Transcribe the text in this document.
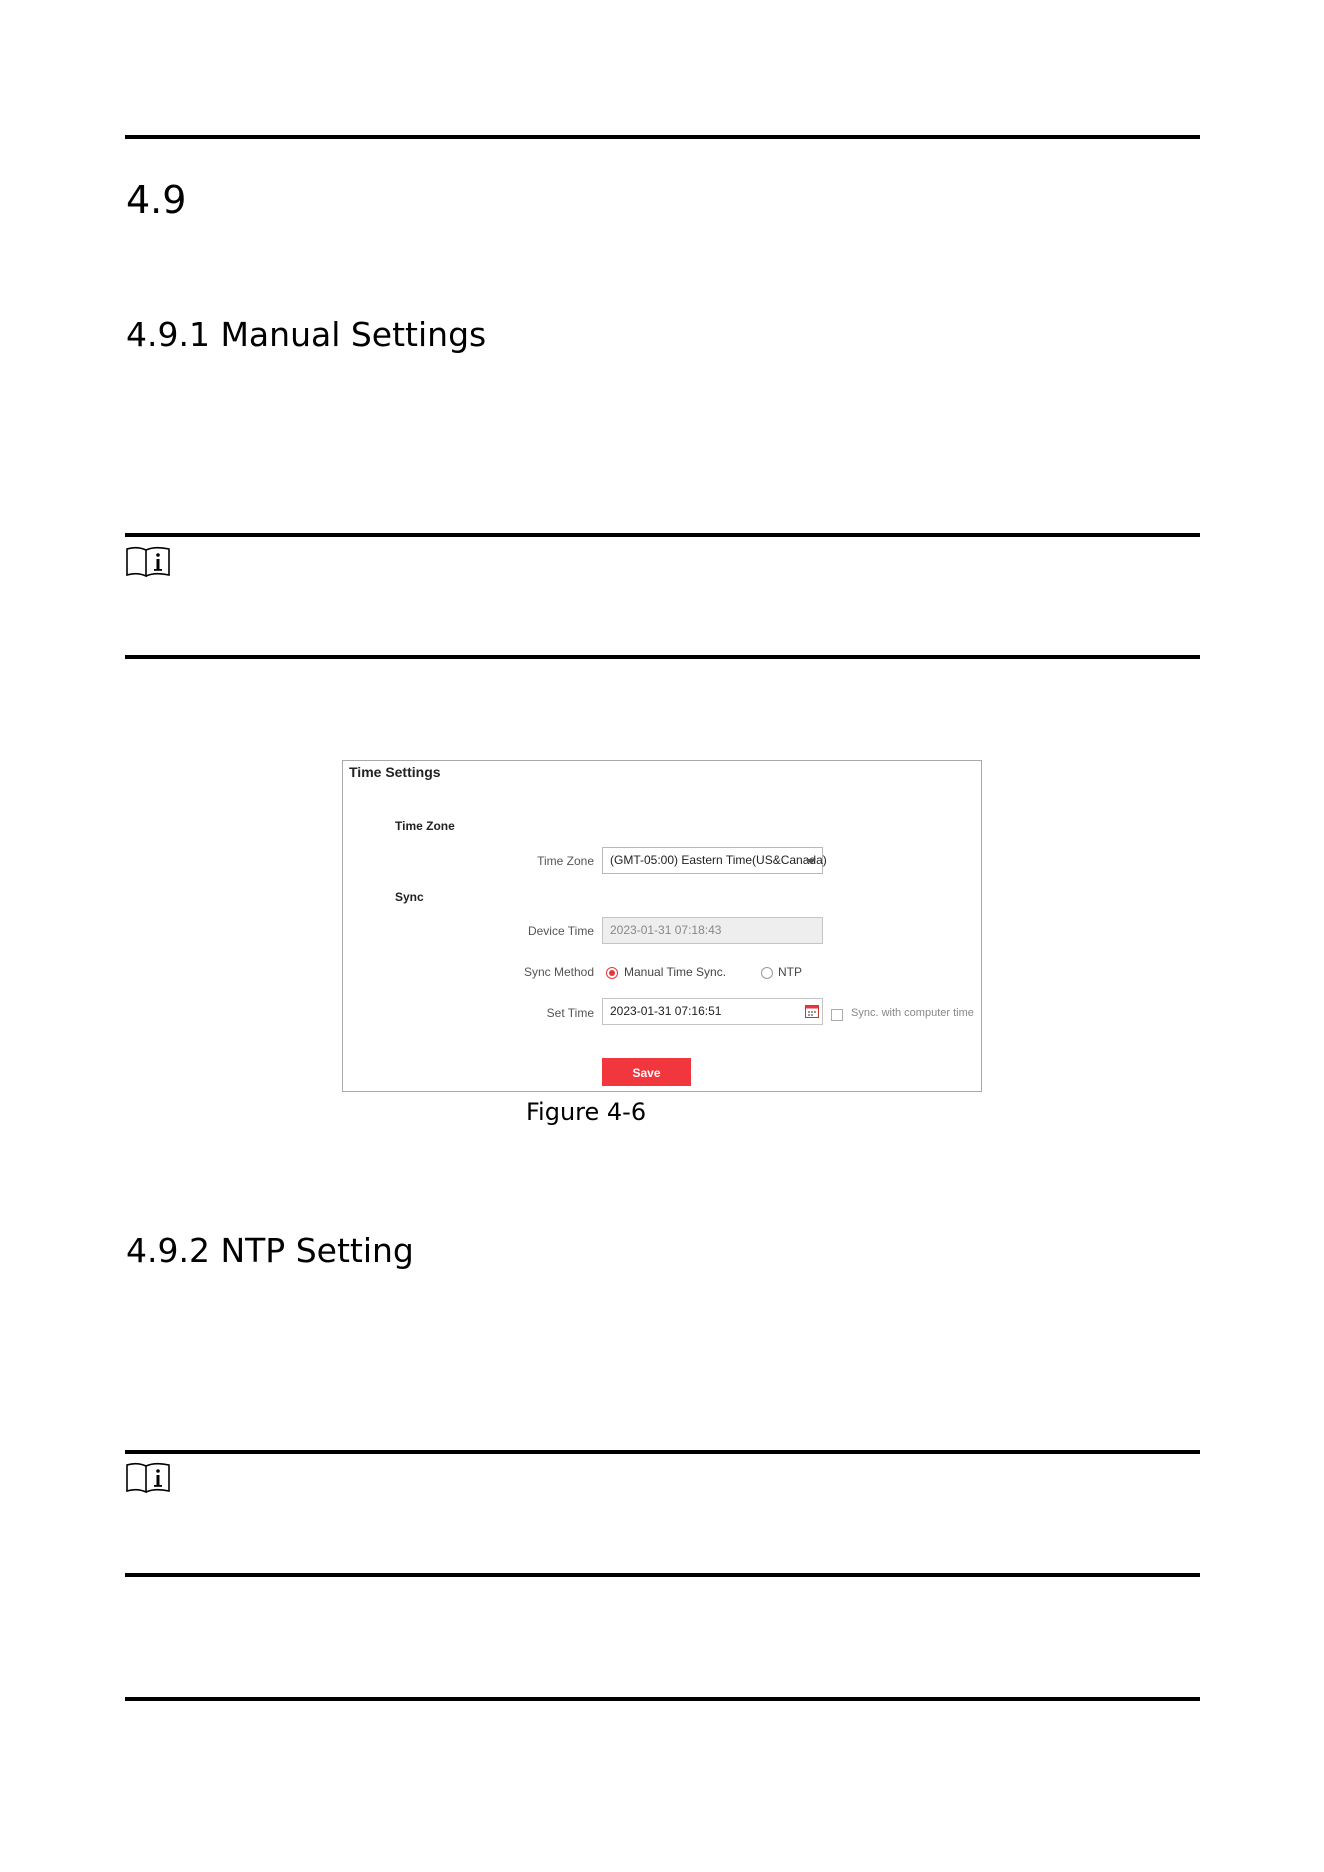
4.9
4.9.1 Manual Settings
Time Settings
Time Zone
Time Zone	(GMT-05:00) Eastern Time(US&Canada)
Sync
Device Time	2023-01-31 07:18:43
Sync Method	Manual Time Sync.	NTP
Set Time	2023-01-31 07:16:51	Sync. with computer time
Save
Figure 4-6
4.9.2 NTP Setting
